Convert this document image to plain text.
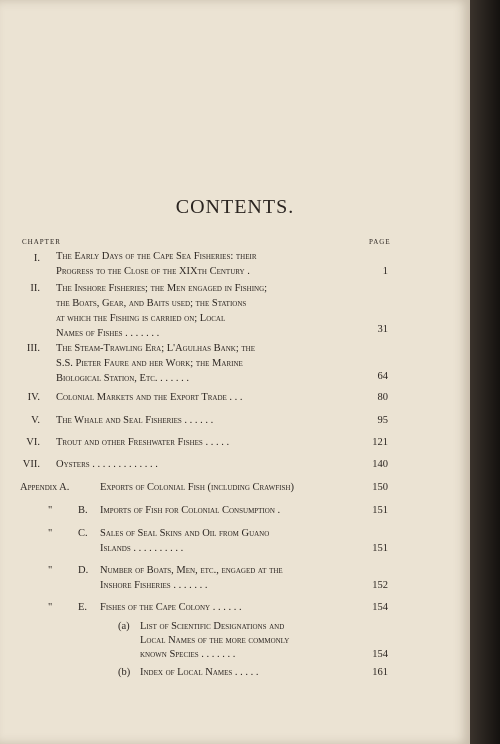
CONTENTS.
CHAPTER	PAGE
I. The Early Days of the Cape Sea Fisheries: their
Progress to the Close of the XIXth Century .	1
II. The Inshore Fisheries; the Men engaged in Fishing;
the Boats, Gear, and Baits used; the Stations
at which the Fishing is carried on; Local
Names of Fishes . . . . . . .	31
III. The Steam-Trawling Era; L'Agulhas Bank; the
S.S. Pieter Faure and her Work; the Marine
Biological Station, Etc. . . . . . .	64
IV. Colonial Markets and the Export Trade . . .	80
V. The Whale and Seal Fisheries . . . . . .	95
VI. Trout and other Freshwater Fishes . . . . .	121
VII. Oysters . . . . . . . . . . . . .	140
Appendix A.	Exports of Colonial Fish (including Crawfish)	150
" B. Imports of Fish for Colonial Consumption .	151
" C. Sales of Seal Skins and Oil from Guano
Islands . . . . . . . . . .	151
" D. Number of Boats, Men, etc., engaged at the
Inshore Fisheries . . . . . . .	152
" E. Fishes of the Cape Colony . . . . . .	154
(a) List of Scientific Designations and
Local Names of the more commonly
known Species . . . . . . .	154
(b) Index of Local Names . . . . .	161
